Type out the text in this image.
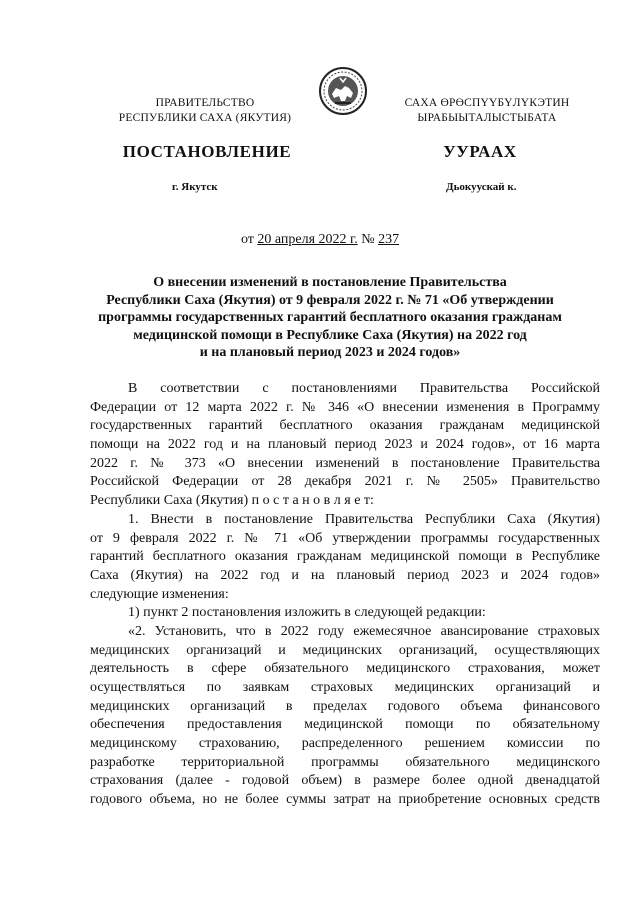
ПРАВИТЕЛЬСТВО
РЕСПУБЛИКИ САХА (ЯКУТИЯ)
САХА ӨРӨСПҮҮБҮЛҮКЭТИН
ЫРАБЫЫТАЛЫСТЫБАТА
ПОСТАНОВЛЕНИЕ	УУРААХ
г. Якутск	Дьокуускай к.
от 20 апреля 2022 г. № 237
О внесении изменений в постановление Правительства
Республики Саха (Якутия) от 9 февраля 2022 г. № 71 «Об утверждении
программы государственных гарантий бесплатного оказания гражданам
медицинской помощи в Республике Саха (Якутия) на 2022 год
и на плановый период 2023 и 2024 годов»
В соответствии с постановлениями Правительства Российской
Федерации от 12 марта 2022 г. № 346 «О внесении изменения в Программу
государственных гарантий бесплатного оказания гражданам медицинской
помощи на 2022 год и на плановый период 2023 и 2024 годов», от 16 марта
2022 г. № 373 «О внесении изменений в постановление Правительства
Российской Федерации от 28 декабря 2021 г. № 2505» Правительство
Республики Саха (Якутия) п о с т а н о в л я е т:
1. Внести в постановление Правительства Республики Саха (Якутия)
от 9 февраля 2022 г. № 71 «Об утверждении программы государственных
гарантий бесплатного оказания гражданам медицинской помощи в Республике
Саха (Якутия) на 2022 год и на плановый период 2023 и 2024 годов»
следующие изменения:
1) пункт 2 постановления изложить в следующей редакции:
«2. Установить, что в 2022 году ежемесячное авансирование страховых
медицинских организаций и медицинских организаций, осуществляющих
деятельность в сфере обязательного медицинского страхования, может
осуществляться по заявкам страховых медицинских организаций и
медицинских организаций в пределах годового объема финансового
обеспечения предоставления медицинской помощи по обязательному
медицинскому страхованию, распределенного решением комиссии по
разработке территориальной программы обязательного медицинского
страхования (далее - годовой объем) в размере более одной двенадцатой
годового объема, но не более суммы затрат на приобретение основных средств
